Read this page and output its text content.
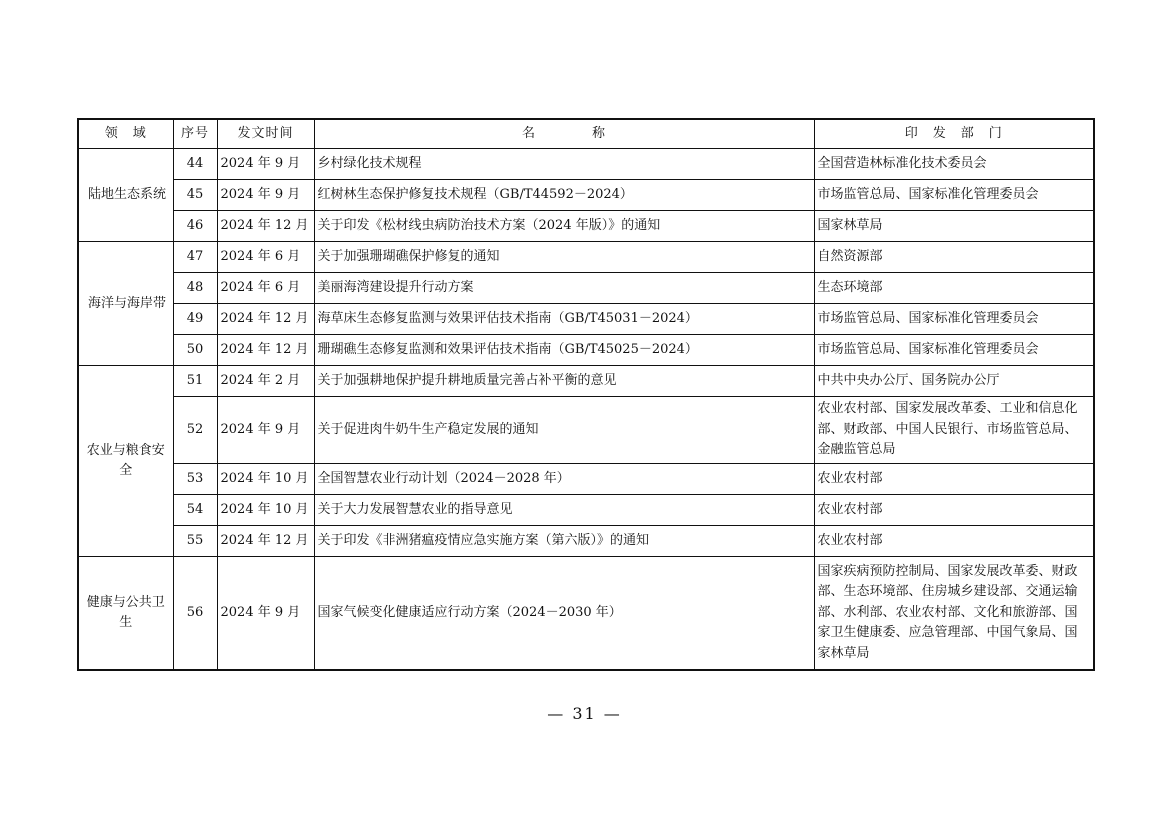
领　域	序号	发文时间	名　　　　称	印　发　部　门
陆地生态系统	44	2024 年 9 月	乡村绿化技术规程	全国营造林标准化技术委员会
	45	2024 年 9 月	红树林生态保护修复技术规程（GB/T44592－2024）	市场监管总局、国家标准化管理委员会
	46	2024 年 12 月	关于印发《松材线虫病防治技术方案（2024 年版）》的通知	国家林草局
海洋与海岸带	47	2024 年 6 月	关于加强珊瑚礁保护修复的通知	自然资源部
	48	2024 年 6 月	美丽海湾建设提升行动方案	生态环境部
	49	2024 年 12 月	海草床生态修复监测与效果评估技术指南（GB/T45031－2024）	市场监管总局、国家标准化管理委员会
	50	2024 年 12 月	珊瑚礁生态修复监测和效果评估技术指南（GB/T45025－2024）	市场监管总局、国家标准化管理委员会
农业与粮食安全	51	2024 年 2 月	关于加强耕地保护提升耕地质量完善占补平衡的意见	中共中央办公厅、国务院办公厅
	52	2024 年 9 月	关于促进肉牛奶牛生产稳定发展的通知	农业农村部、国家发展改革委、工业和信息化部、财政部、中国人民银行、市场监管总局、金融监管总局
	53	2024 年 10 月	全国智慧农业行动计划（2024－2028 年）	农业农村部
	54	2024 年 10 月	关于大力发展智慧农业的指导意见	农业农村部
	55	2024 年 12 月	关于印发《非洲猪瘟疫情应急实施方案（第六版）》的通知	农业农村部
健康与公共卫生	56	2024 年 9 月	国家气候变化健康适应行动方案（2024－2030 年）	国家疾病预防控制局、国家发展改革委、财政部、生态环境部、住房城乡建设部、交通运输部、水利部、农业农村部、文化和旅游部、国家卫生健康委、应急管理部、中国气象局、国家林草局
— 31 —
